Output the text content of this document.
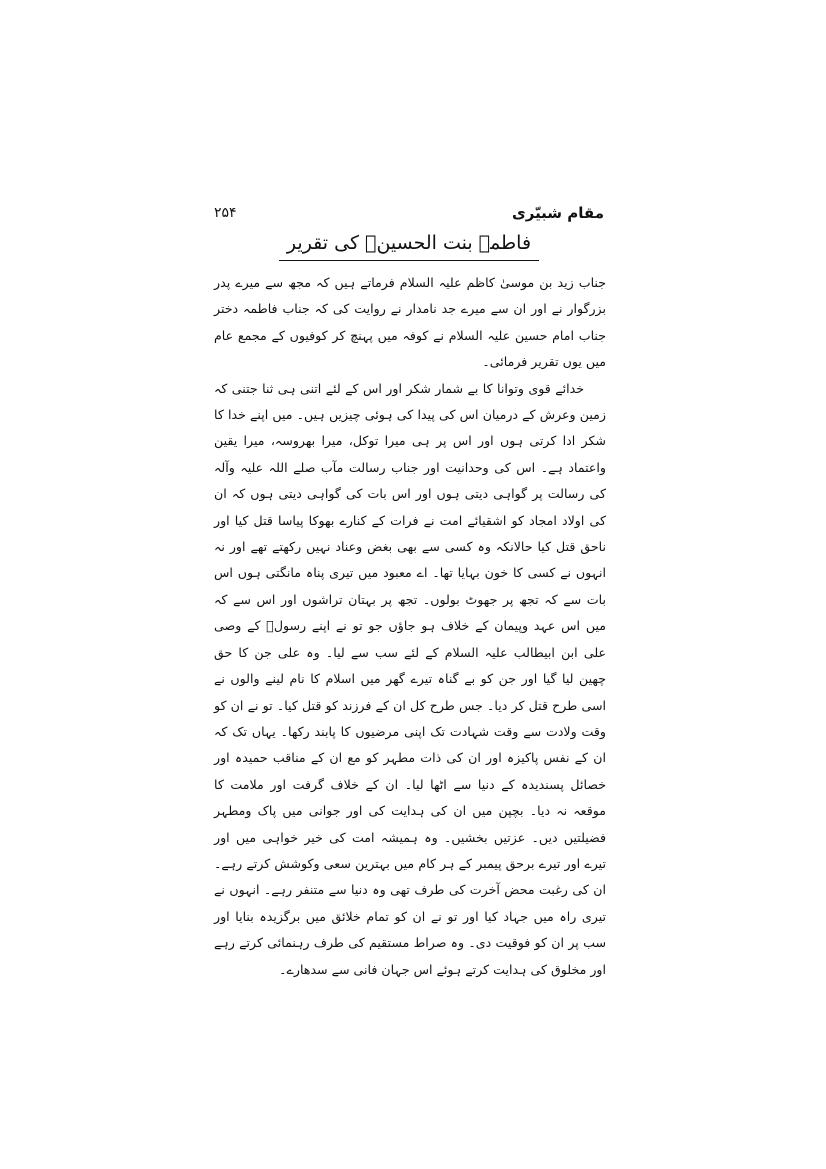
مقام شبیّری
۲۵۴
فاطمہ بنت الحسینؑ کی تقریر

جناب زید بن موسیٰ کاظم علیہ السلام فرماتے ہیں کہ مجھ سے میرے پدر بزرگوار نے اور ان سے میرے جد نامدار نے روایت کی کہ جناب فاطمہ دختر جناب امام حسین علیہ السلام نے کوفہ میں پہنچ کر کوفیوں کے مجمع عام میں یوں تقریر فرمائی۔

خدائے قوی وتوانا کا بے شمار شکر اور اس کے لئے اتنی ہی ثنا جتنی کہ زمین وعرش کے درمیان اس کی پیدا کی ہوئی چیزیں ہیں۔ میں اپنے خدا کا شکر ادا کرتی ہوں اور اس پر ہی میرا توکل، میرا بھروسہ، میرا یقین واعتماد ہے۔ اس کی وحدانیت اور جناب رسالت مآب صلے اللہ علیہ وآلہ کی رسالت پر گواہی دیتی ہوں اور اس بات کی گواہی دیتی ہوں کہ ان کی اولاد امجاد کو اشقیائے امت نے فرات کے کنارے بھوکا پیاسا قتل کیا اور ناحق قتل کیا حالانکہ وہ کسی سے بھی بغض وعناد نہیں رکھتے تھے اور نہ انہوں نے کسی کا خون بہایا تھا۔ اے معبود میں تیری پناہ مانگتی ہوں اس بات سے کہ تجھ پر جھوٹ بولوں۔ تجھ پر بہتان تراشوں اور اس سے کہ میں اس عہد وپیمان کے خلاف ہو جاؤں جو تو نے اپنے رسولؐ کے وصی علی ابن ابیطالب علیہ السلام کے لئے سب سے لیا۔ وہ علی جن کا حق چھین لیا گیا اور جن کو بے گناہ تیرے گھر میں اسلام کا نام لینے والوں نے اسی طرح قتل کر دیا۔ جس طرح کل ان کے فرزند کو قتل کیا۔ تو نے ان کو وقت ولادت سے وقت شہادت تک اپنی مرضیوں کا پابند رکھا۔ یہاں تک کہ ان کے نفس پاکیزہ اور ان کی ذات مطہر کو مع ان کے مناقب حمیدہ اور خصائل پسندیدہ کے دنیا سے اٹھا لیا۔ ان کے خلاف گرفت اور ملامت کا موقعہ نہ دیا۔ بچپن میں ان کی ہدایت کی اور جوانی میں پاک ومطہر فضیلتیں دیں۔ عزتیں بخشیں۔ وہ ہمیشہ امت کی خیر خواہی میں اور تیرے اور تیرے برحق پیمبر کے ہر کام میں بہترین سعی وکوشش کرتے رہے۔ ان کی رغبت محض آخرت کی طرف تھی وہ دنیا سے متنفر رہے۔ انہوں نے تیری راہ میں جہاد کیا اور تو نے ان کو تمام خلائق میں برگزیدہ بنایا اور سب پر ان کو فوقیت دی۔ وہ صراط مستقیم کی طرف رہنمائی کرتے رہے اور مخلوق کی ہدایت کرتے ہوئے اس جہان فانی سے سدھارے۔
